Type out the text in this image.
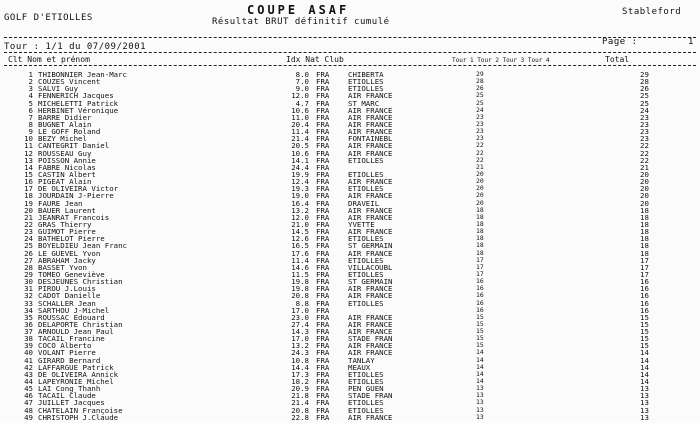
GOLF D'ETIOLLES
COUPE ASAF
Résultat BRUT définitif cumulé
Stableford
Tour : 1/1 du 07/09/2001	Page :	1
Clt Nom et prénom	Idx Nat Club	Tour 1 Tour 2 Tour 3 Tour 4	Total
1 THIBONNIER Jean-Marc	8.0 FRA	CHIBERTA	29	29
2 COUZES Vincent	7.0 FRA	ETIOLLES	28	28
3 SALVI Guy	9.0 FRA	ETIOLLES	26	26
4 FENNERICH Jacques	12.0 FRA	AIR FRANCE	25	25
5 MICHELETTI Patrick	4.7 FRA	ST MARC	25	25
6 HERBINET Véronique	10.6 FRA	AIR FRANCE	24	24
7 BARRE Didier	11.0 FRA	AIR FRANCE	23	23
8 BUGNET Alain	20.4 FRA	AIR FRANCE	23	23
9 LE GOFF Roland	11.4 FRA	AIR FRANCE	23	23
10 BEZY Michel	21.4 FRA	FONTAINEBL	23	23
11 CANTEGRIT Daniel	20.5 FRA	AIR FRANCE	22	22
12 ROUSSEAU Guy	10.6 FRA	AIR FRANCE	22	22
13 POISSON Annie	14.1 FRA	ETIOLLES	22	22
14 FABRE Nicolas	24.4 FRA	21	21
15 CASTIN Albert	19.9 FRA	ETIOLLES	20	20
16 PIGEAT Alain	12.4 FRA	AIR FRANCE	20	20
17 DE OLIVEIRA Victor	19.3 FRA	ETIOLLES	20	20
18 JOURDAIN J-Pierre	19.0 FRA	AIR FRANCE	20	20
19 FAURE Jean	16.4 FRA	DRAVEIL	20	20
20 BAUER Laurent	13.2 FRA	AIR FRANCE	18	18
21 JEANRAT Francois	12.0 FRA	AIR FRANCE	18	18
22 GRAS Thierry	21.0 FRA	YVETTE	18	18
23 GUIMOT Pierre	14.5 FRA	AIR FRANCE	18	18
24 BATHELOT Pierre	12.6 FRA	ETIOLLES	18	18
25 BOYELDIEU Jean Franc	16.5 FRA	ST GERMAIN	18	18
26 LE GUEVEL Yvon	17.6 FRA	AIR FRANCE	18	18
27 ABRAHAM Jacky	11.4 FRA	ETIOLLES	17	17
28 BASSET Yvon	14.6 FRA	VILLACOUBL	17	17
29 TOMEO Geneviève	11.5 FRA	ETIOLLES	17	17
30 DESJEUNES Christian	19.8 FRA	ST GERMAIN	16	16
31 PIROU J.Louis	19.8 FRA	AIR FRANCE	16	16
32 CADOT Danielle	20.8 FRA	AIR FRANCE	16	16
33 SCHALLER Jean	8.8 FRA	ETIOLLES	16	16
34 SARTHOU J-Michel	17.0 FRA	16	16
35 ROUSSAC Edouard	23.0 FRA	AIR FRANCE	15	15
36 DELAPORTE Christian	27.4 FRA	AIR FRANCE	15	15
37 ARNOULD Jean Paul	14.3 FRA	AIR FRANCE	15	15
38 TACAIL Francine	17.0 FRA	STADE FRAN	15	15
39 COCO Alberto	13.2 FRA	AIR FRANCE	15	15
40 VOLANT Pierre	24.3 FRA	AIR FRANCE	14	14
41 GIRARD Bernard	10.8 FRA	TANLAY	14	14
42 LAFFARGUE Patrick	14.4 FRA	MEAUX	14	14
43 DE OLIVEIRA Annick	17.3 FRA	ETIOLLES	14	14
44 LAPEYRONIE Michel	18.2 FRA	ETIOLLES	14	14
45 LAI Cong Thanh	20.9 FRA	PEN GUEN	13	13
46 TACAIL Claude	21.8 FRA	STADE FRAN	13	13
47 JUILLET Jacques	21.4 FRA	ETIOLLES	13	13
48 CHATELAIN Françoise	20.8 FRA	ETIOLLES	13	13
49 CHRISTOPH J.Claude	22.8 FRA	AIR FRANCE	13	13
